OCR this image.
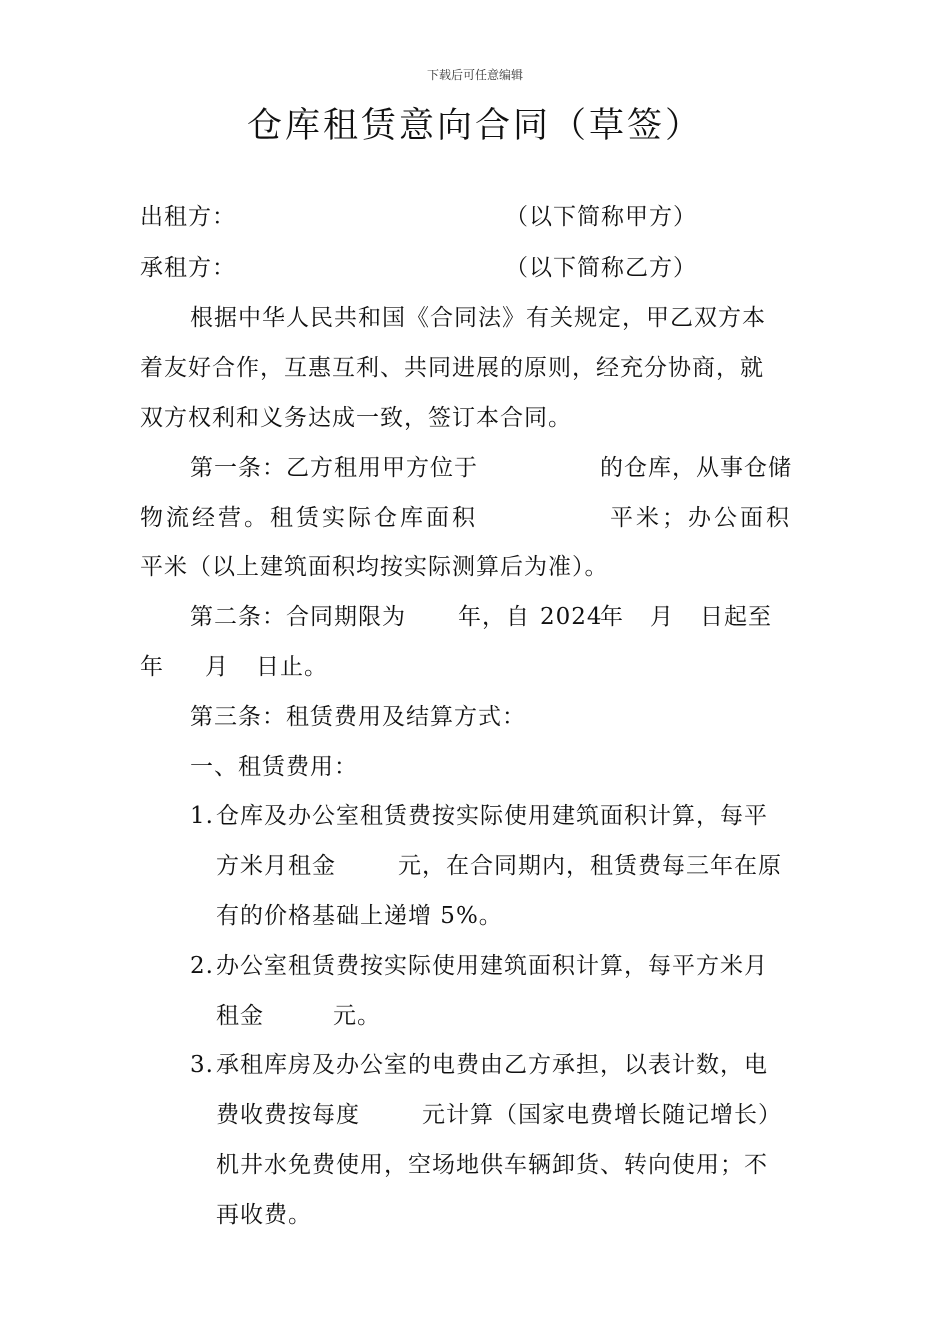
下载后可任意编辑
仓库租赁意向合同（草签）
出租方：	（以下简称甲方）
承租方：	（以下简称乙方）
根据中华人民共和国《合同法》有关规定，甲乙双方本
着友好合作，互惠互利、共同进展的原则，经充分协商，就
双方权利和义务达成一致，签订本合同。
第一条：乙方租用甲方位于	的仓库，从事仓储
物流经营。租赁实际仓库面积	平米；办公面积
平米（以上建筑面积均按实际测算后为准）。
第二条：合同期限为 年，自 2024
年 月 日起至
年 月 日止。
第三条：租赁费用及结算方式：
一、租赁费用：
1. 仓库及办公室租赁费按实际使用建筑面积计算，每平
方米月租金	元，在合同期内，租赁费每三年在原
有的价格基础上递增 5%。
2. 办公室租赁费按实际使用建筑面积计算，每平方米月
租金	元。
3. 承租库房及办公室的电费由乙方承担，以表计数，电
费收费按每度	元计算（国家电费增长随记增长）
机井水免费使用，空场地供车辆卸货、转向使用；不
再收费。
